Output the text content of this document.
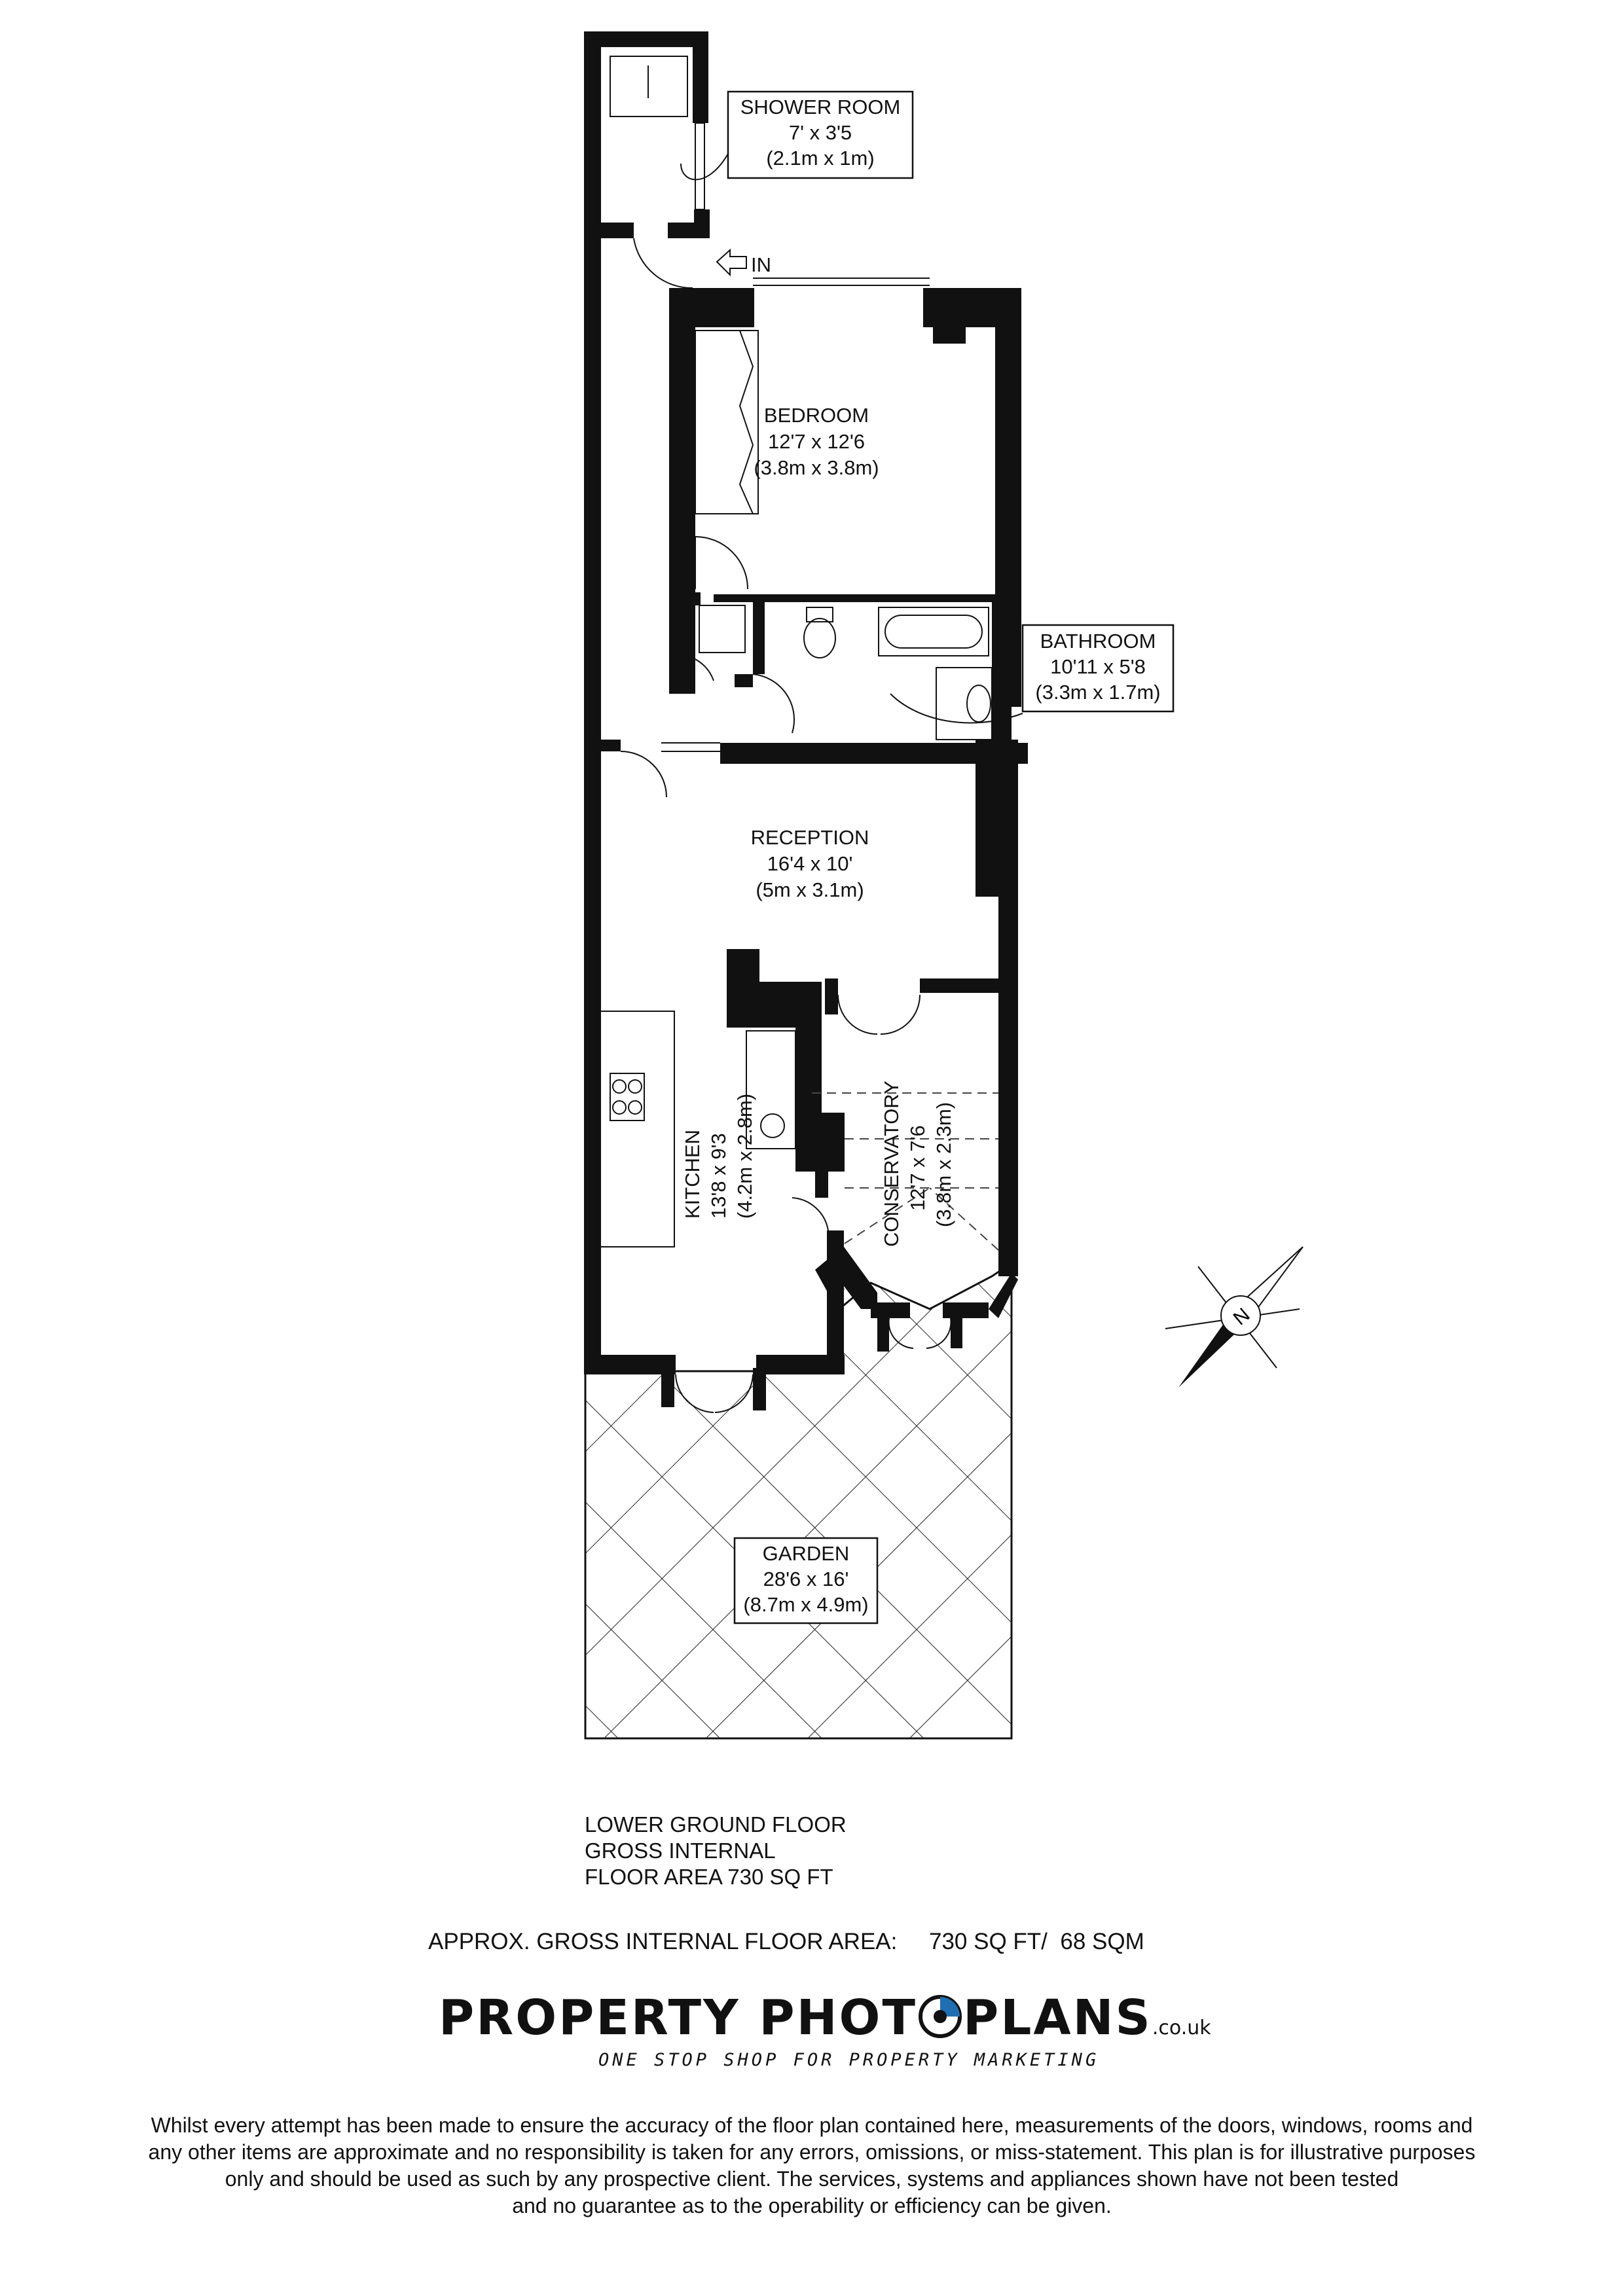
SHOWER ROOM
7' x 3'5
(2.1m x 1m)
IN
BEDROOM
12'7 x 12'6
(3.8m x 3.8m)
BATHROOM
10'11 x 5'8
(3.3m x 1.7m)
RECEPTION
16'4 x 10'
(5m x 3.1m)
KITCHEN 13'8 x 9'3 (4.2m x 2.8m)	CONSERVATORY 12'7 x 7'6 (3.8m x 2.3m)
GARDEN
28'6 x 16'
(8.7m x 4.9m)
N
LOWER GROUND FLOOR
GROSS INTERNAL
FLOOR AREA 730 SQ FT
APPROX. GROSS INTERNAL FLOOR AREA: 730 SQ FT/ 68 SQM
PROPERTY PHOT PLANS.co.uk
ONE STOP SHOP FOR PROPERTY MARKETING
Whilst every attempt has been made to ensure the accuracy of the floor plan contained here, measurements of the doors, windows, rooms and
any other items are approximate and no responsibility is taken for any errors, omissions, or miss-statement. This plan is for illustrative purposes
only and should be used as such by any prospective client. The services, systems and appliances shown have not been tested
and no guarantee as to the operability or efficiency can be given.
